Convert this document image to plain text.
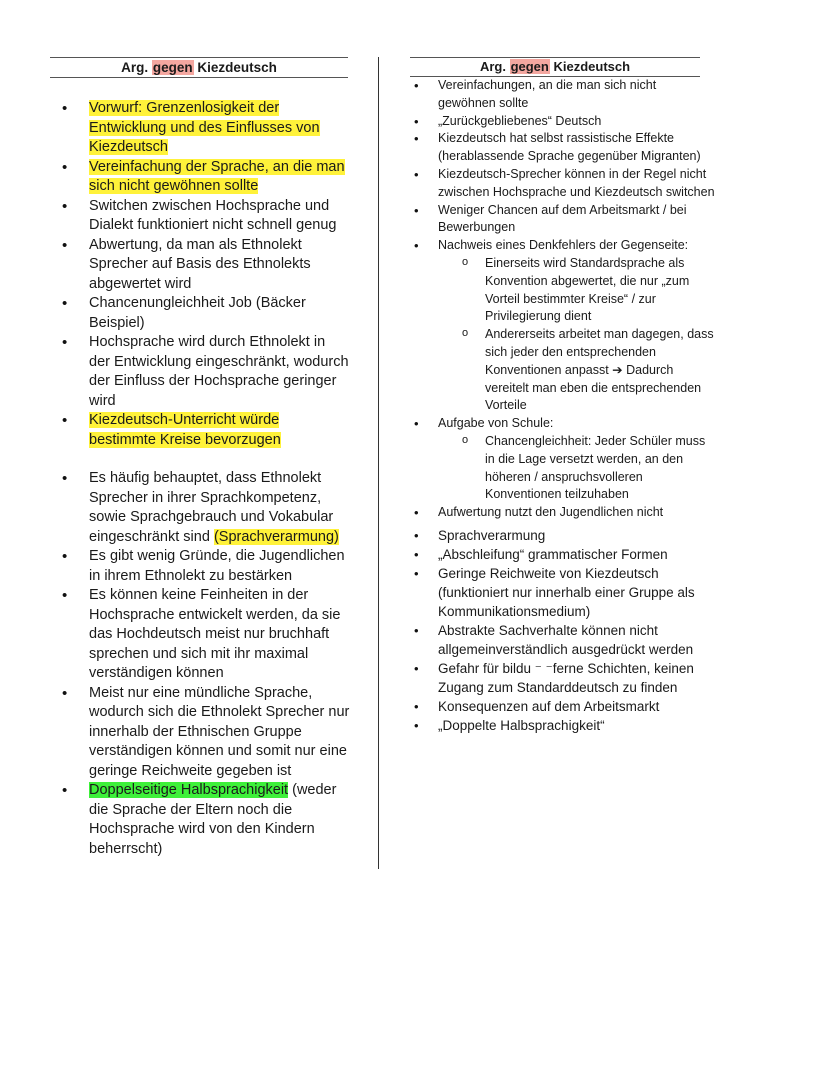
Arg. gegen Kiezdeutsch
• Vorwurf: Grenzenlosigkeit der Entwicklung und des Einflusses von Kiezdeutsch
• Vereinfachung der Sprache, an die man sich nicht gewöhnen sollte
• Switchen zwischen Hochsprache und Dialekt funktioniert nicht schnell genug
• Abwertung, da man als Ethnolekt Sprecher auf Basis des Ethnolekts abgewertet wird
• Chancenungleichheit Job (Bäcker Beispiel)
• Hochsprache wird durch Ethnolekt in der Entwicklung eingeschränkt, wodurch der Einfluss der Hochsprache geringer wird
• Kiezdeutsch-Unterricht würde bestimmte Kreise bevorzugen
• Es häufig behauptet, dass Ethnolekt Sprecher in ihrer Sprachkompetenz, sowie Sprachgebrauch und Vokabular eingeschränkt sind (Sprachverarmung)
• Es gibt wenig Gründe, die Jugendlichen in ihrem Ethnolekt zu bestärken
• Es können keine Feinheiten in der Hochsprache entwickelt werden, da sie das Hochdeutsch meist nur bruchhaft sprechen und sich mit ihr maximal verständigen können
• Meist nur eine mündliche Sprache, wodurch sich die Ethnolekt Sprecher nur innerhalb der Ethnischen Gruppe verständigen können und somit nur eine geringe Reichweite gegeben ist
• Doppelseitige Halbsprachigkeit (weder die Sprache der Eltern noch die Hochsprache wird von den Kindern beherrscht)
Arg. gegen Kiezdeutsch
• Vereinfachungen, an die man sich nicht gewöhnen sollte
• „Zurückgebliebenes“ Deutsch
• Kiezdeutsch hat selbst rassistische Effekte (herablassende Sprache gegenüber Migranten)
• Kiezdeutsch-Sprecher können in der Regel nicht zwischen Hochsprache und Kiezdeutsch switchen
• Weniger Chancen auf dem Arbeitsmarkt / bei Bewerbungen
• Nachweis eines Denkfehlers der Gegenseite:
o Einerseits wird Standardsprache als Konvention abgewertet, die nur „zum Vorteil bestimmter Kreise“ / zur Privilegierung dient
o Andererseits arbeitet man dagegen, dass sich jeder den entsprechenden Konventionen anpasst ➔ Dadurch vereitelt man eben die entsprechenden Vorteile
• Aufgabe von Schule:
o Chancengleichheit: Jeder Schüler muss in die Lage versetzt werden, an den höheren / anspruchsvolleren Konventionen teilzuhaben
• Aufwertung nutzt den Jugendlichen nicht
• Sprachverarmung
• „Abschleifung“ grammatischer Formen
• Geringe Reichweite von Kiezdeutsch (funktioniert nur innerhalb einer Gruppe als Kommunikationsmedium)
• Abstrakte Sachverhalte können nicht allgemeinverständlich ausgedrückt werden
• Gefahr für bildu ⁻ ⁻ferne Schichten, keinen Zugang zum Standarddeutsch zu finden
• Konsequenzen auf dem Arbeitsmarkt
• „Doppelte Halbsprachigkeit“
